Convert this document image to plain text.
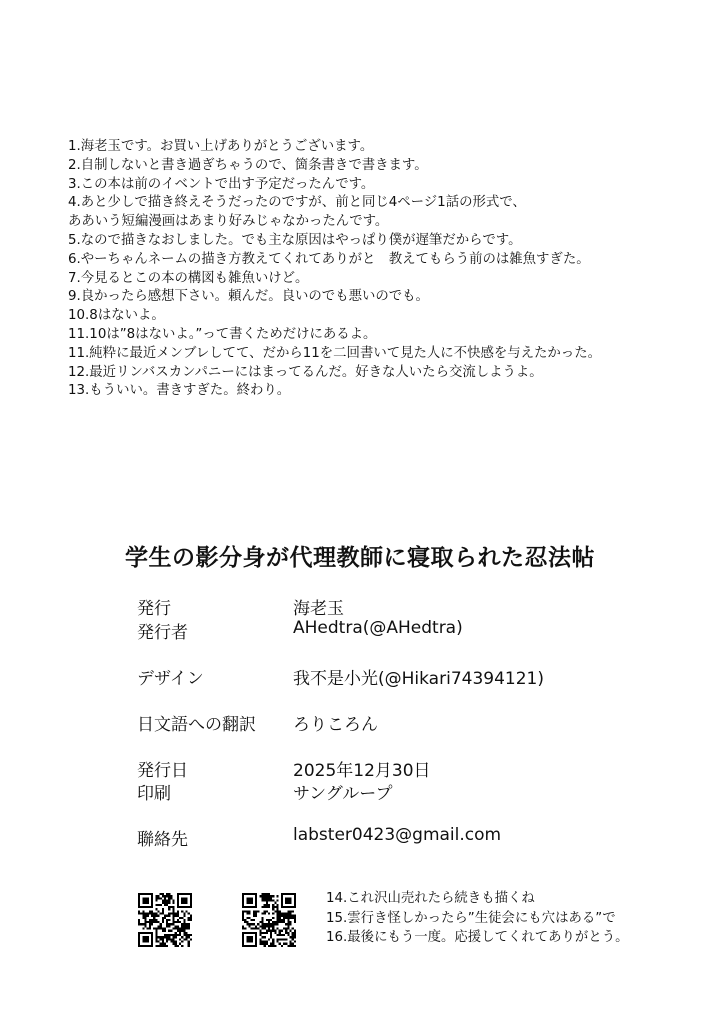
1.海老玉です。お買い上げありがとうございます。
2.自制しないと書き過ぎちゃうので、箇条書きで書きます。
3.この本は前のイベントで出す予定だったんです。
4.あと少しで描き終えそうだったのですが、前と同じ4ページ1話の形式で、
ああいう短編漫画はあまり好みじゃなかったんです。
5.なので描きなおしました。でも主な原因はやっぱり僕が遅筆だからです。
6.やーちゃんネームの描き方教えてくれてありがと　教えてもらう前のは雑魚すぎた。
7.今見るとこの本の構図も雑魚いけど。
9.良かったら感想下さい。頼んだ。良いのでも悪いのでも。
10.8はないよ。
11.10は”8はないよ。”って書くためだけにあるよ。
11.純粋に最近メンブレしてて、だから11を二回書いて見た人に不快感を与えたかった。
12.最近リンバスカンパニーにはまってるんだ。好きな人いたら交流しようよ。
13.もういい。書きすぎた。終わり。
学生の影分身が代理教師に寝取られた忍法帖
発行	海老玉
発行者	AHedtra(@AHedtra)
デザイン	我不是小光(@Hikari74394121)
日文語への翻訳 ろりころん
発行日	2025年12月30日
印刷	サングループ
聯絡先	labster0423@gmail.com
14.これ沢山売れたら続きも描くね
15.雲行き怪しかったら”生徒会にも穴はある”で
16.最後にもう一度。応援してくれてありがとう。
